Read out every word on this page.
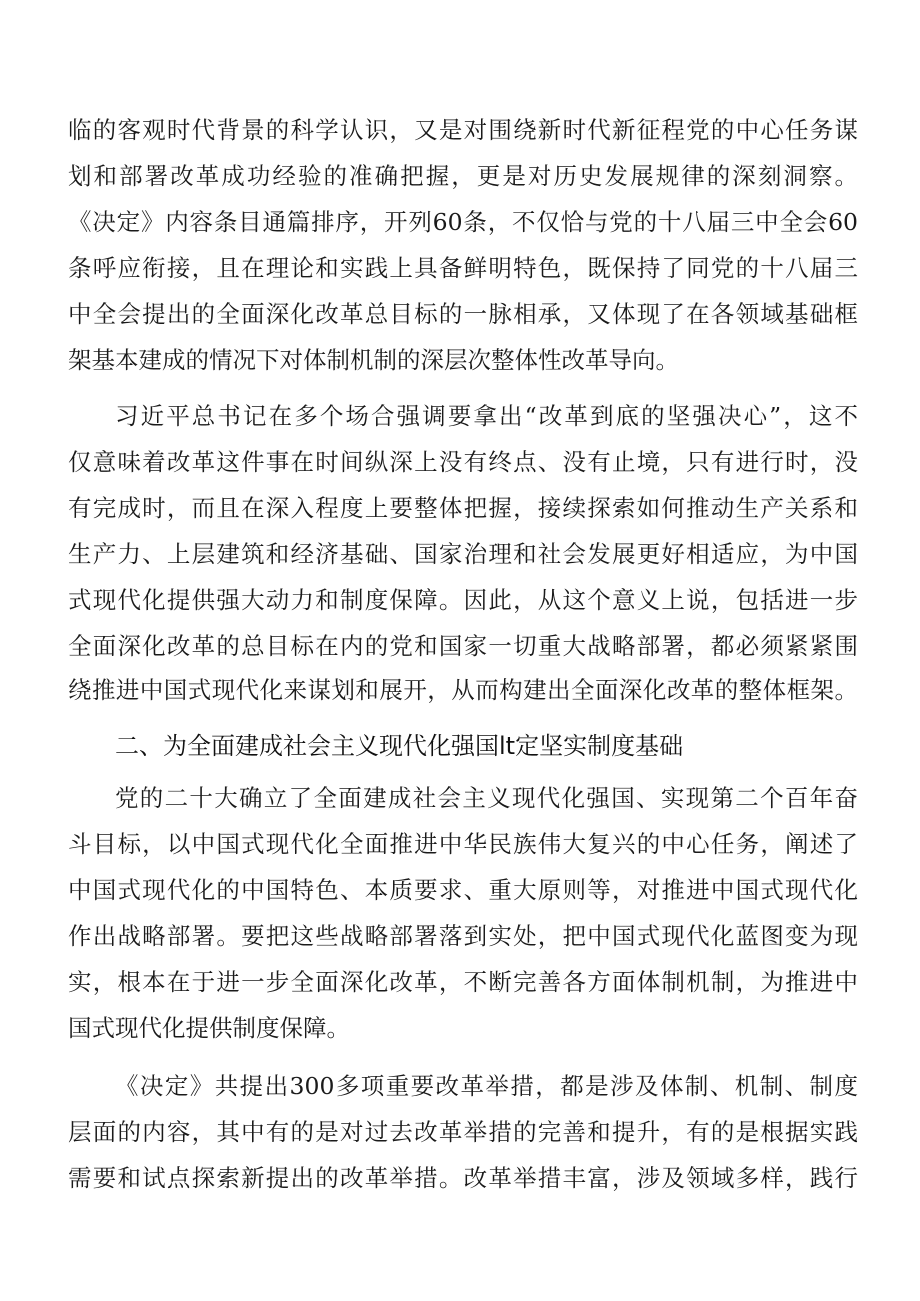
临的客观时代背景的科学认识，又是对围绕新时代新征程党的中心任务谋
划和部署改革成功经验的准确把握，更是对历史发展规律的深刻洞察。
《决定》内容条目通篇排序，开列60条，不仅恰与党的十八届三中全会60
条呼应衔接，且在理论和实践上具备鲜明特色，既保持了同党的十八届三
中全会提出的全面深化改革总目标的一脉相承，又体现了在各领域基础框
架基本建成的情况下对体制机制的深层次整体性改革导向。
习近平总书记在多个场合强调要拿出“改革到底的坚强决心”，这不
仅意味着改革这件事在时间纵深上没有终点、没有止境，只有进行时，没
有完成时，而且在深入程度上要整体把握，接续探索如何推动生产关系和
生产力、上层建筑和经济基础、国家治理和社会发展更好相适应，为中国
式现代化提供强大动力和制度保障。因此，从这个意义上说，包括进一步
全面深化改革的总目标在内的党和国家一切重大战略部署，都必须紧紧围
绕推进中国式现代化来谋划和展开，从而构建出全面深化改革的整体框架。
二、为全面建成社会主义现代化强国lt定坚实制度基础
党的二十大确立了全面建成社会主义现代化强国、实现第二个百年奋
斗目标，以中国式现代化全面推进中华民族伟大复兴的中心任务，阐述了
中国式现代化的中国特色、本质要求、重大原则等，对推进中国式现代化
作出战略部署。要把这些战略部署落到实处，把中国式现代化蓝图变为现
实，根本在于进一步全面深化改革，不断完善各方面体制机制，为推进中
国式现代化提供制度保障。
《决定》共提出300多项重要改革举措，都是涉及体制、机制、制度
层面的内容，其中有的是对过去改革举措的完善和提升，有的是根据实践
需要和试点探索新提出的改革举措。改革举措丰富，涉及领域多样，践行
